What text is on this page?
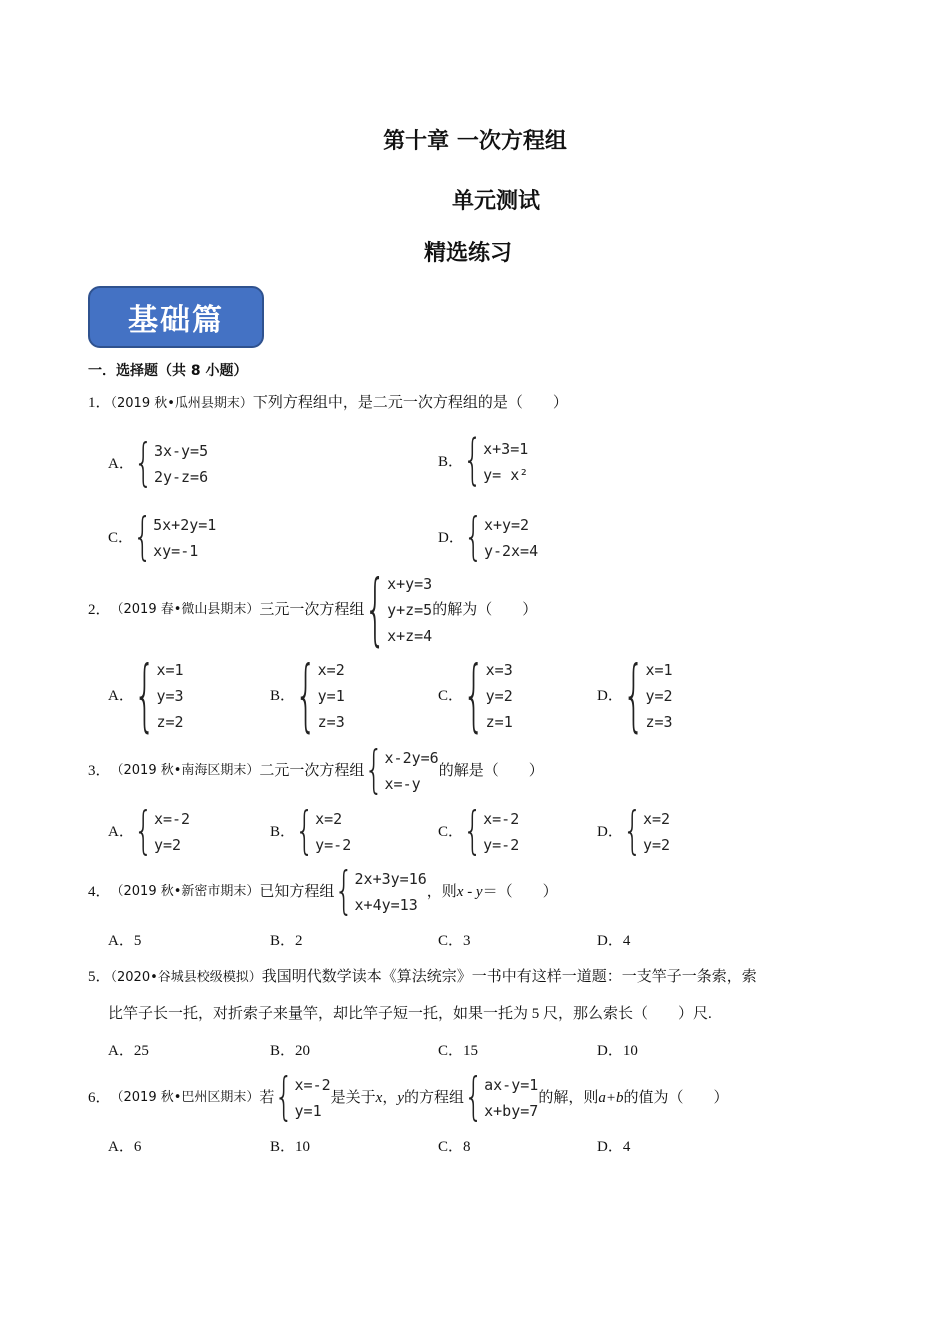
第十章 一次方程组
单元测试
精选练习
基础篇
一．选择题（共 8 小题）
1．（2019 秋•瓜州县期末）下列方程组中，是二元一次方程组的是（　　）
A． { 3x-y=5
2y-z=6
B． { x+3=1
y= x²
C． { 5x+2y=1
xy=-1
D． { x+y=2
y-2x=4
2． （2019 春•微山县期末） 三元一次方程组 { x+y=3
y+z=5
x+z=4
的解为（　　）
A． { x=1
y=3
z=2
B． { x=2
y=1
z=3
C． { x=3
y=2
z=1
D． { x=1
y=2
z=3
3． （2019 秋•南海区期末） 二元一次方程组 { x-2y=6
x=-y
的解是（　　）
A． { x=-2
y=2
B． { x=2
y=-2
C． { x=-2
y=-2
D． { x=2
y=2
4． （2019 秋•新密市期末） 已知方程组 { 2x+3y=16
x+4y=13
，则 x - y ＝（　　）
A．5	B．2	C．3	D．4
5．（2020•谷城县校级模拟）我国明代数学读本《算法统宗》一书中有这样一道题：一支竿子一条索，索
比竿子长一托，对折索子来量竿，却比竿子短一托，如果一托为 5 尺，那么索长（　　）尺.
A．25	B．20	C．15	D．10
6． （2019 秋•巴州区期末） 若 { x=-2
y=1
是关于 x ， y 的方程组 { ax-y=1
x+by=7
的解，则 a+b 的值为（　　）
A．6	B．10	C．8	D．4
